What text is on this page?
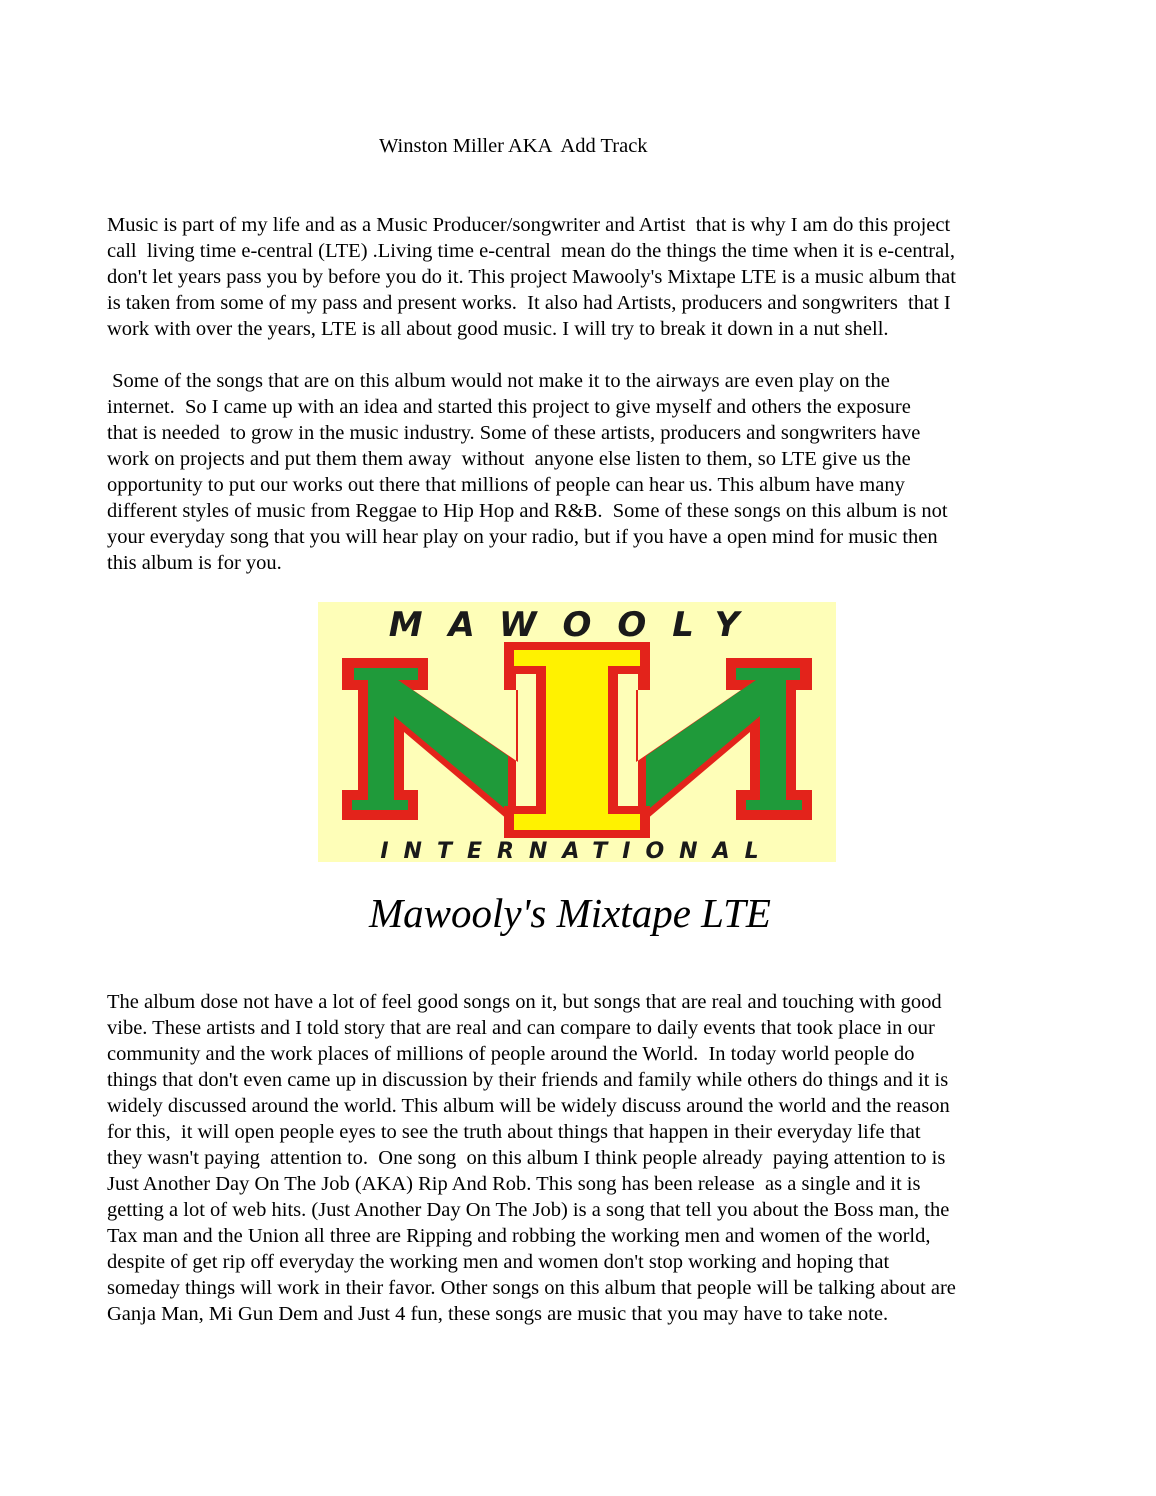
Winston Miller AKA  Add Track
Music is part of my life and as a Music Producer/songwriter and Artist  that is why I am do this project
call  living time e-central (LTE) .Living time e-central  mean do the things the time when it is e-central,
don't let years pass you by before you do it. This project Mawooly's Mixtape LTE is a music album that
is taken from some of my pass and present works.  It also had Artists, producers and songwriters  that I
work with over the years, LTE is all about good music. I will try to break it down in a nut shell.
Some of the songs that are on this album would not make it to the airways are even play on the
internet.  So I came up with an idea and started this project to give myself and others the exposure
that is needed  to grow in the music industry. Some of these artists, producers and songwriters have
work on projects and put them them away  without  anyone else listen to them, so LTE give us the
opportunity to put our works out there that millions of people can hear us. This album have many
different styles of music from Reggae to Hip Hop and R&B.  Some of these songs on this album is not
your everyday song that you will hear play on your radio, but if you have a open mind for music then
this album is for you.
MAWOOLY
INTERNATIONAL
Mawooly's Mixtape LTE
The album dose not have a lot of feel good songs on it, but songs that are real and touching with good
vibe. These artists and I told story that are real and can compare to daily events that took place in our
community and the work places of millions of people around the World.  In today world people do
things that don't even came up in discussion by their friends and family while others do things and it is
widely discussed around the world. This album will be widely discuss around the world and the reason
for this,  it will open people eyes to see the truth about things that happen in their everyday life that
they wasn't paying  attention to.  One song  on this album I think people already  paying attention to is
Just Another Day On The Job (AKA) Rip And Rob. This song has been release  as a single and it is
getting a lot of web hits. (Just Another Day On The Job) is a song that tell you about the Boss man, the
Tax man and the Union all three are Ripping and robbing the working men and women of the world,
despite of get rip off everyday the working men and women don't stop working and hoping that
someday things will work in their favor. Other songs on this album that people will be talking about are
Ganja Man, Mi Gun Dem and Just 4 fun, these songs are music that you may have to take note.
